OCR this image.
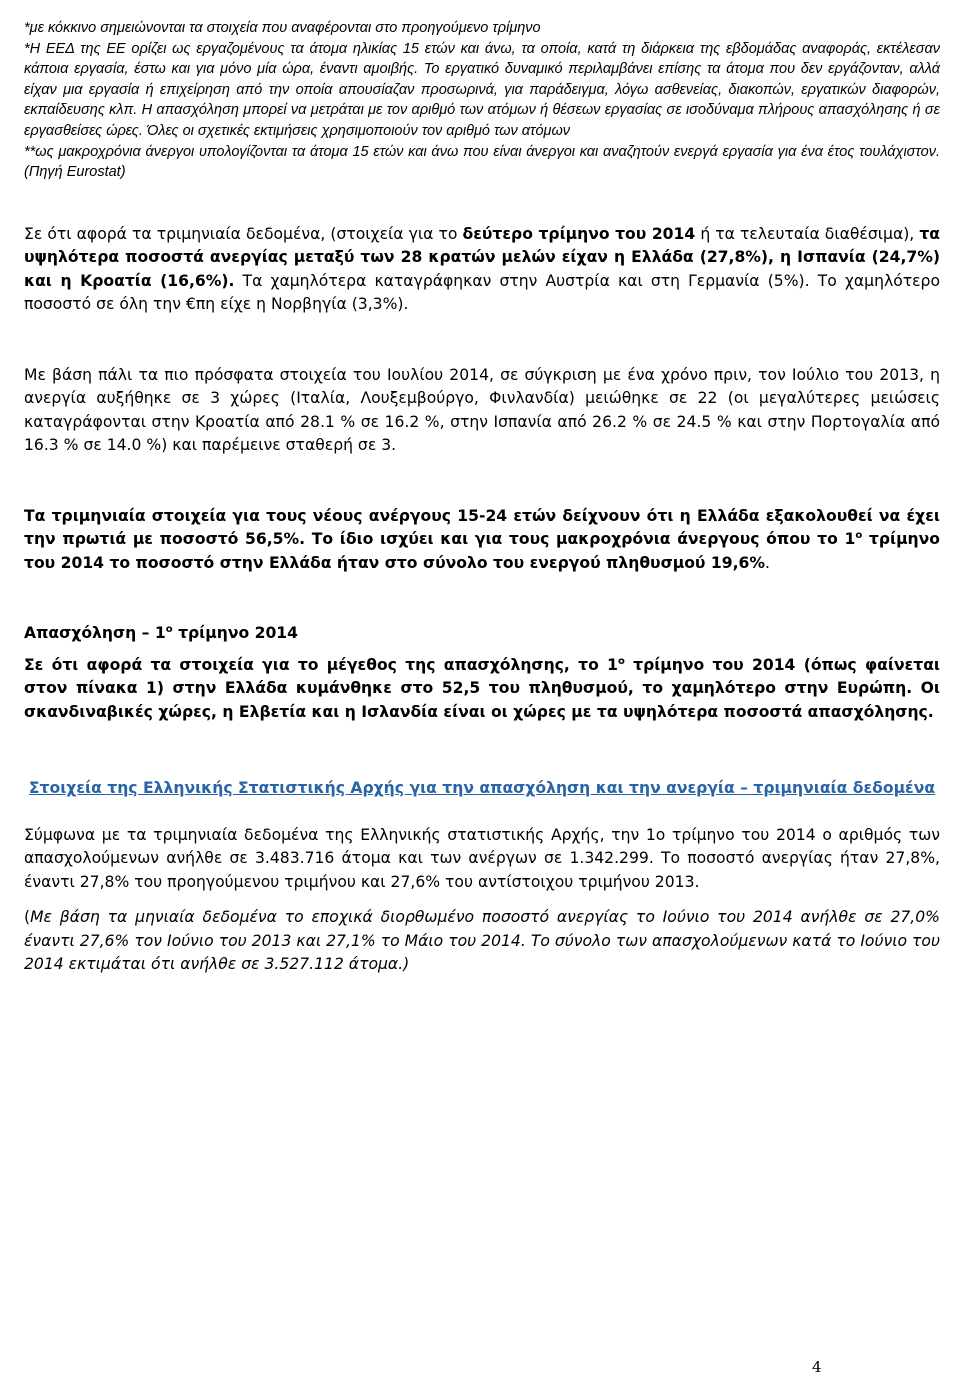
*με κόκκινο σημειώνονται τα στοιχεία που αναφέρονται στο προηγούμενο τρίμηνο

*Η ΕΕΔ της ΕΕ ορίζει ως εργαζομένους τα άτομα ηλικίας 15 ετών και άνω, τα οποία, κατά τη διάρκεια της εβδομάδας αναφοράς, εκτέλεσαν κάποια εργασία, έστω και για μόνο μία ώρα, έναντι αμοιβής. Το εργατικό δυναμικό περιλαμβάνει επίσης τα άτομα που δεν εργάζονταν, αλλά είχαν μια εργασία ή επιχείρηση από την οποία απουσίαζαν προσωρινά, για παράδειγμα, λόγω ασθενείας, διακοπών, εργατικών διαφορών, εκπαίδευσης κλπ. Η απασχόληση μπορεί να μετράται με τον αριθμό των ατόμων ή θέσεων εργασίας σε ισοδύναμα πλήρους απασχόλησης ή σε εργασθείσες ώρες. Όλες οι σχετικές εκτιμήσεις χρησιμοποιούν τον αριθμό των ατόμων

**ως μακροχρόνια άνεργοι υπολογίζονται τα άτομα 15 ετών και άνω που είναι άνεργοι και αναζητούν ενεργά εργασία για ένα έτος τουλάχιστον.(Πηγή Eurostat)

Σε ότι αφορά τα τριμηνιαία δεδομένα, (στοιχεία για το δεύτερο τρίμηνο του 2014 ή τα τελευταία διαθέσιμα), τα υψηλότερα ποσοστά ανεργίας μεταξύ των 28 κρατών μελών είχαν η Ελλάδα (27,8%), η Ισπανία (24,7%) και η Κροατία (16,6%). Τα χαμηλότερα καταγράφηκαν στην Αυστρία και στη Γερμανία (5%). Το χαμηλότερο ποσοστό σε όλη την €πη είχε η Νορβηγία (3,3%).

Με βάση πάλι τα πιο πρόσφατα στοιχεία του Ιουλίου 2014, σε σύγκριση με ένα χρόνο πριν, τον Ιούλιο του 2013, η ανεργία αυξήθηκε σε 3 χώρες (Ιταλία, Λουξεμβούργο, Φινλανδία) μειώθηκε σε 22 (οι μεγαλύτερες μειώσεις καταγράφονται στην Κροατία από 28.1 % σε 16.2 %, στην Ισπανία από 26.2 % σε 24.5 % και στην Πορτογαλία από 16.3 % σε 14.0 %) και παρέμεινε σταθερή σε 3.

Τα τριμηνιαία στοιχεία για τους νέους ανέργους 15-24 ετών δείχνουν ότι η Ελλάδα εξακολουθεί να έχει την πρωτιά με ποσοστό 56,5%. Το ίδιο ισχύει και για τους μακροχρόνια άνεργους όπου το $1^o$ τρίμηνο του 2014 το ποσοστό στην Ελλάδα ήταν στο σύνολο του ενεργού πληθυσμού 19,6%.

Απασχόληση – $1^o$ τρίμηνο 2014

Σε ότι αφορά τα στοιχεία για το μέγεθος της απασχόλησης, το $1^o$ τρίμηνο του 2014 (όπως φαίνεται στον πίνακα 1) στην Ελλάδα κυμάνθηκε στο 52,5 του πληθυσμού, το χαμηλότερο στην Ευρώπη. Οι σκανδιναβικές χώρες, η Ελβετία και η Ισλανδία είναι οι χώρες με τα υψηλότερα ποσοστά απασχόλησης.

Στοιχεία της Ελληνικής Στατιστικής Αρχής για την απασχόληση και την ανεργία – τριμηνιαία δεδομένα

Σύμφωνα με τα τριμηνιαία δεδομένα της Ελληνικής στατιστικής Αρχής, την 1ο τρίμηνο του 2014 ο αριθμός των απασχολούμενων ανήλθε σε 3.483.716 άτομα και των ανέργων σε 1.342.299. Το ποσοστό ανεργίας ήταν 27,8%, έναντι 27,8% του προηγούμενου τριμήνου και 27,6% του αντίστοιχου τριμήνου 2013.

(Με βάση τα μηνιαία δεδομένα το εποχικά διορθωμένο ποσοστό ανεργίας το Ιούνιο του 2014 ανήλθε σε 27,0% έναντι 27,6% τον Ιούνιο του 2013 και 27,1% το Μάιο του 2014. Το σύνολο των απασχολούμενων κατά το Ιούνιο του 2014 εκτιμάται ότι ανήλθε σε 3.527.112 άτομα.)

4
